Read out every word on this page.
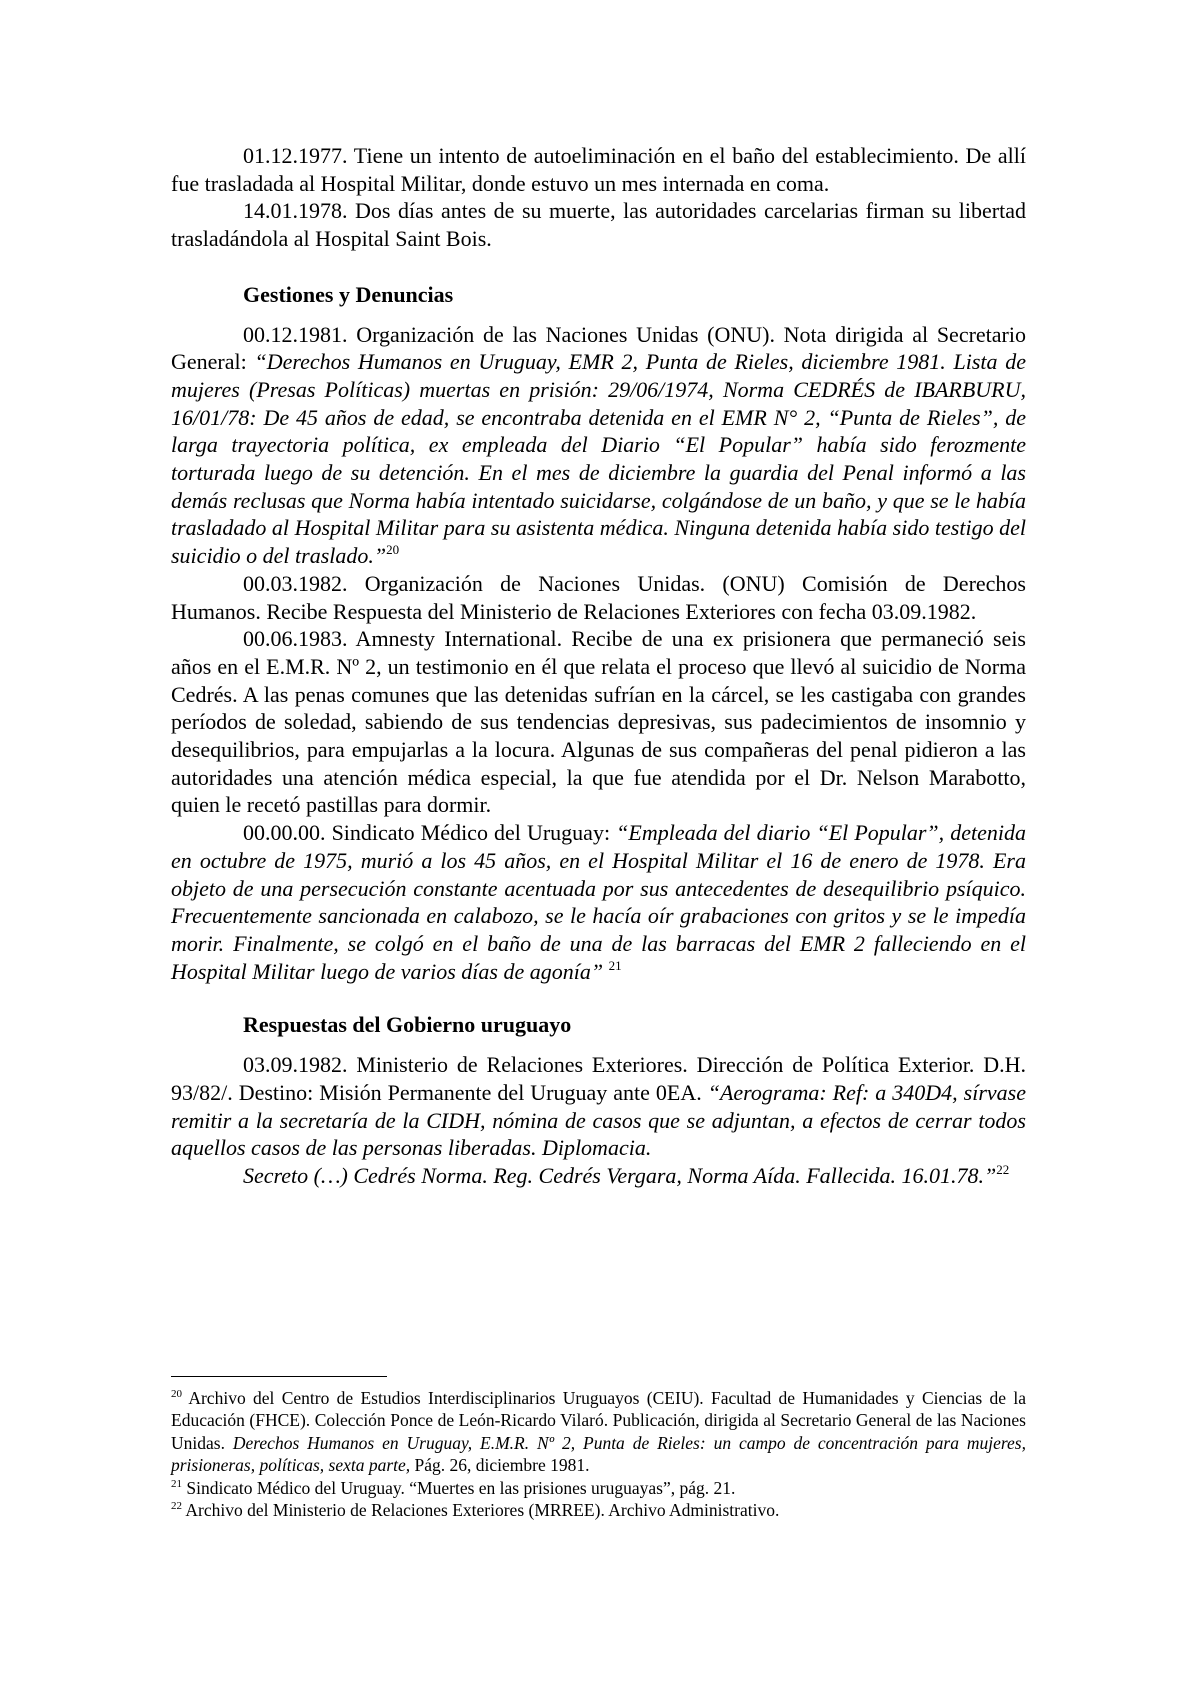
01.12.1977. Tiene un intento de autoeliminación en el baño del establecimiento. De allí fue trasladada al Hospital Militar, donde estuvo un mes internada en coma.

14.01.1978. Dos días antes de su muerte, las autoridades carcelarias firman su libertad trasladándola al Hospital Saint Bois.

Gestiones y Denuncias

00.12.1981. Organización de las Naciones Unidas (ONU). Nota dirigida al Secretario General: “Derechos Humanos en Uruguay, EMR 2, Punta de Rieles, diciembre 1981. Lista de mujeres (Presas Políticas) muertas en prisión: 29/06/1974, Norma CEDRÉS de IBARBURU, 16/01/78: De 45 años de edad, se encontraba detenida en el EMR N° 2, “Punta de Rieles”, de larga trayectoria política, ex empleada del Diario “El Popular” había sido ferozmente torturada luego de su detención. En el mes de diciembre la guardia del Penal informó a las demás reclusas que Norma había intentado suicidarse, colgándose de un baño, y que se le había trasladado al Hospital Militar para su asistenta médica. Ninguna detenida había sido testigo del suicidio o del traslado.”$^{20}$

00.03.1982. Organización de Naciones Unidas. (ONU) Comisión de Derechos Humanos. Recibe Respuesta del Ministerio de Relaciones Exteriores con fecha 03.09.1982.

00.06.1983. Amnesty International. Recibe de una ex prisionera que permaneció seis años en el E.M.R. Nº 2, un testimonio en él que relata el proceso que llevó al suicidio de Norma Cedrés. A las penas comunes que las detenidas sufrían en la cárcel, se les castigaba con grandes períodos de soledad, sabiendo de sus tendencias depresivas, sus padecimientos de insomnio y desequilibrios, para empujarlas a la locura. Algunas de sus compañeras del penal pidieron a las autoridades una atención médica especial, la que fue atendida por el Dr. Nelson Marabotto, quien le recetó pastillas para dormir.

00.00.00. Sindicato Médico del Uruguay: “Empleada del diario “El Popular”, detenida en octubre de 1975, murió a los 45 años, en el Hospital Militar el 16 de enero de 1978. Era objeto de una persecución constante acentuada por sus antecedentes de desequilibrio psíquico. Frecuentemente sancionada en calabozo, se le hacía oír grabaciones con gritos y se le impedía morir. Finalmente, se colgó en el baño de una de las barracas del EMR 2 falleciendo en el Hospital Militar luego de varios días de agonía” $^{21}$

Respuestas del Gobierno uruguayo

03.09.1982. Ministerio de Relaciones Exteriores. Dirección de Política Exterior. D.H. 93/82/. Destino: Misión Permanente del Uruguay ante 0EA. “Aerograma: Ref: a 340D4, sírvase remitir a la secretaría de la CIDH, nómina de casos que se adjuntan, a efectos de cerrar todos aquellos casos de las personas liberadas. Diplomacia.

Secreto (…) Cedrés Norma. Reg. Cedrés Vergara, Norma Aída. Fallecida. 16.01.78.”$^{22}$

$^{20}$ Archivo del Centro de Estudios Interdisciplinarios Uruguayos (CEIU). Facultad de Humanidades y Ciencias de la Educación (FHCE). Colección Ponce de León-Ricardo Vilaró. Publicación, dirigida al Secretario General de las Naciones Unidas. Derechos Humanos en Uruguay, E.M.R. Nº 2, Punta de Rieles: un campo de concentración para mujeres, prisioneras, políticas, sexta parte, Pág. 26, diciembre 1981.

$^{21}$ Sindicato Médico del Uruguay. “Muertes en las prisiones uruguayas”, pág. 21.

$^{22}$ Archivo del Ministerio de Relaciones Exteriores (MRREE). Archivo Administrativo.
